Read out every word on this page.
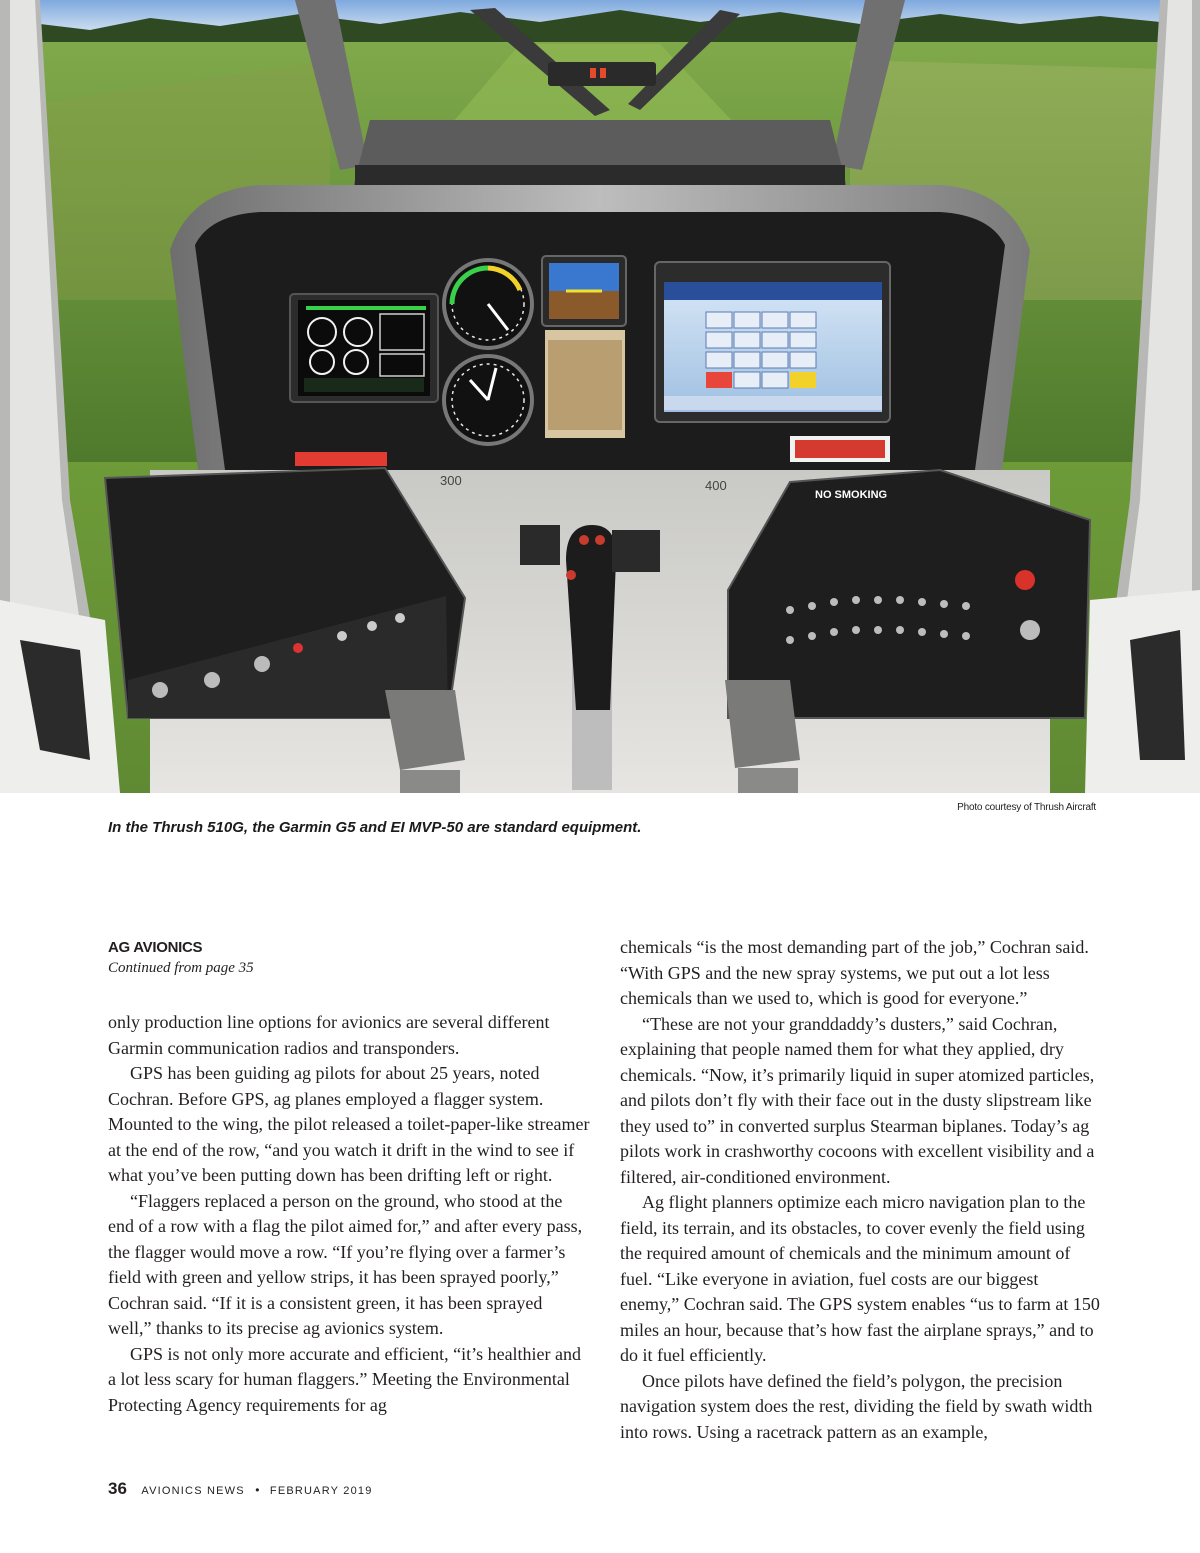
300	400
NO SMOKING
Photo courtesy of Thrush Aircraft
In the Thrush 510G, the Garmin G5 and EI MVP-50 are standard equipment.
AG AVIONICS
Continued from page 35

only production line options for avionics are several different Garmin communication radios and transponders.

GPS has been guiding ag pilots for about 25 years, noted Cochran. Before GPS, ag planes employed a flagger system. Mounted to the wing, the pilot released a toilet-paper-like streamer at the end of the row, “and you watch it drift in the wind to see if what you’ve been putting down has been drifting left or right.

“Flaggers replaced a person on the ground, who stood at the end of a row with a flag the pilot aimed for,” and after every pass, the flagger would move a row. “If you’re flying over a farmer’s field with green and yellow strips, it has been sprayed poorly,” Cochran said. “If it is a consistent green, it has been sprayed well,” thanks to its precise ag avionics system.

GPS is not only more accurate and efficient, “it’s healthier and a lot less scary for human flaggers.” Meeting the Environmental Protecting Agency requirements for ag

chemicals “is the most demanding part of the job,” Cochran said. “With GPS and the new spray systems, we put out a lot less chemicals than we used to, which is good for everyone.”

“These are not your granddaddy’s dusters,” said Cochran, explaining that people named them for what they applied, dry chemicals. “Now, it’s primarily liquid in super atomized particles, and pilots don’t fly with their face out in the dusty slipstream like they used to” in converted surplus Stearman biplanes. Today’s ag pilots work in crashworthy cocoons with excellent visibility and a filtered, air-conditioned environment.

Ag flight planners optimize each micro navigation plan to the field, its terrain, and its obstacles, to cover evenly the field using the required amount of chemicals and the minimum amount of fuel. “Like everyone in aviation, fuel costs are our biggest enemy,” Cochran said. The GPS system enables “us to farm at 150 miles an hour, because that’s how fast the airplane sprays,” and to do it fuel efficiently.

Once pilots have defined the field’s polygon, the precision navigation system does the rest, dividing the field by swath width into rows. Using a racetrack pattern as an example,

36 AVIONICS NEWS • FEBRUARY 2019
